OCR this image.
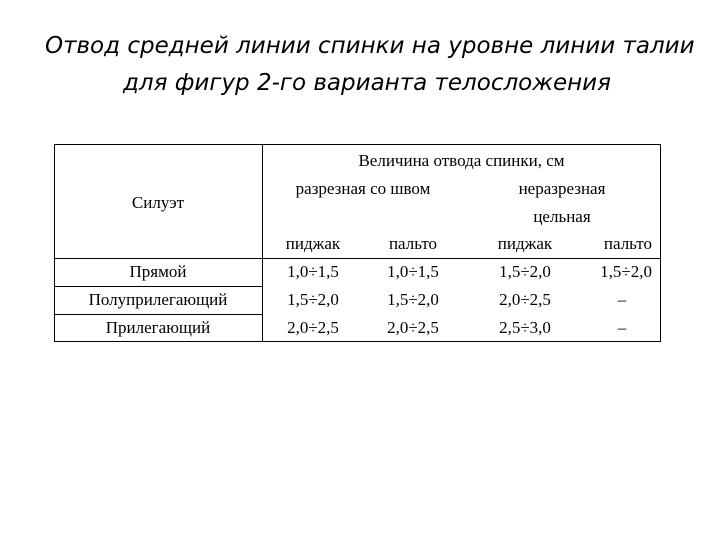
Отвод средней линии спинки на уровне линии талии
для фигур 2-го варианта телосложения
Силуэт
Величина отвода спинки, см
разрезная со швом	неразрезная
цельная
пиджак	пальто	пиджак	пальто
Прямой	1,0÷1,5	1,0÷1,5	1,5÷2,0	1,5÷2,0
Полуприлегающий	1,5÷2,0	1,5÷2,0	2,0÷2,5	–
Прилегающий	2,0÷2,5	2,0÷2,5	2,5÷3,0	–
